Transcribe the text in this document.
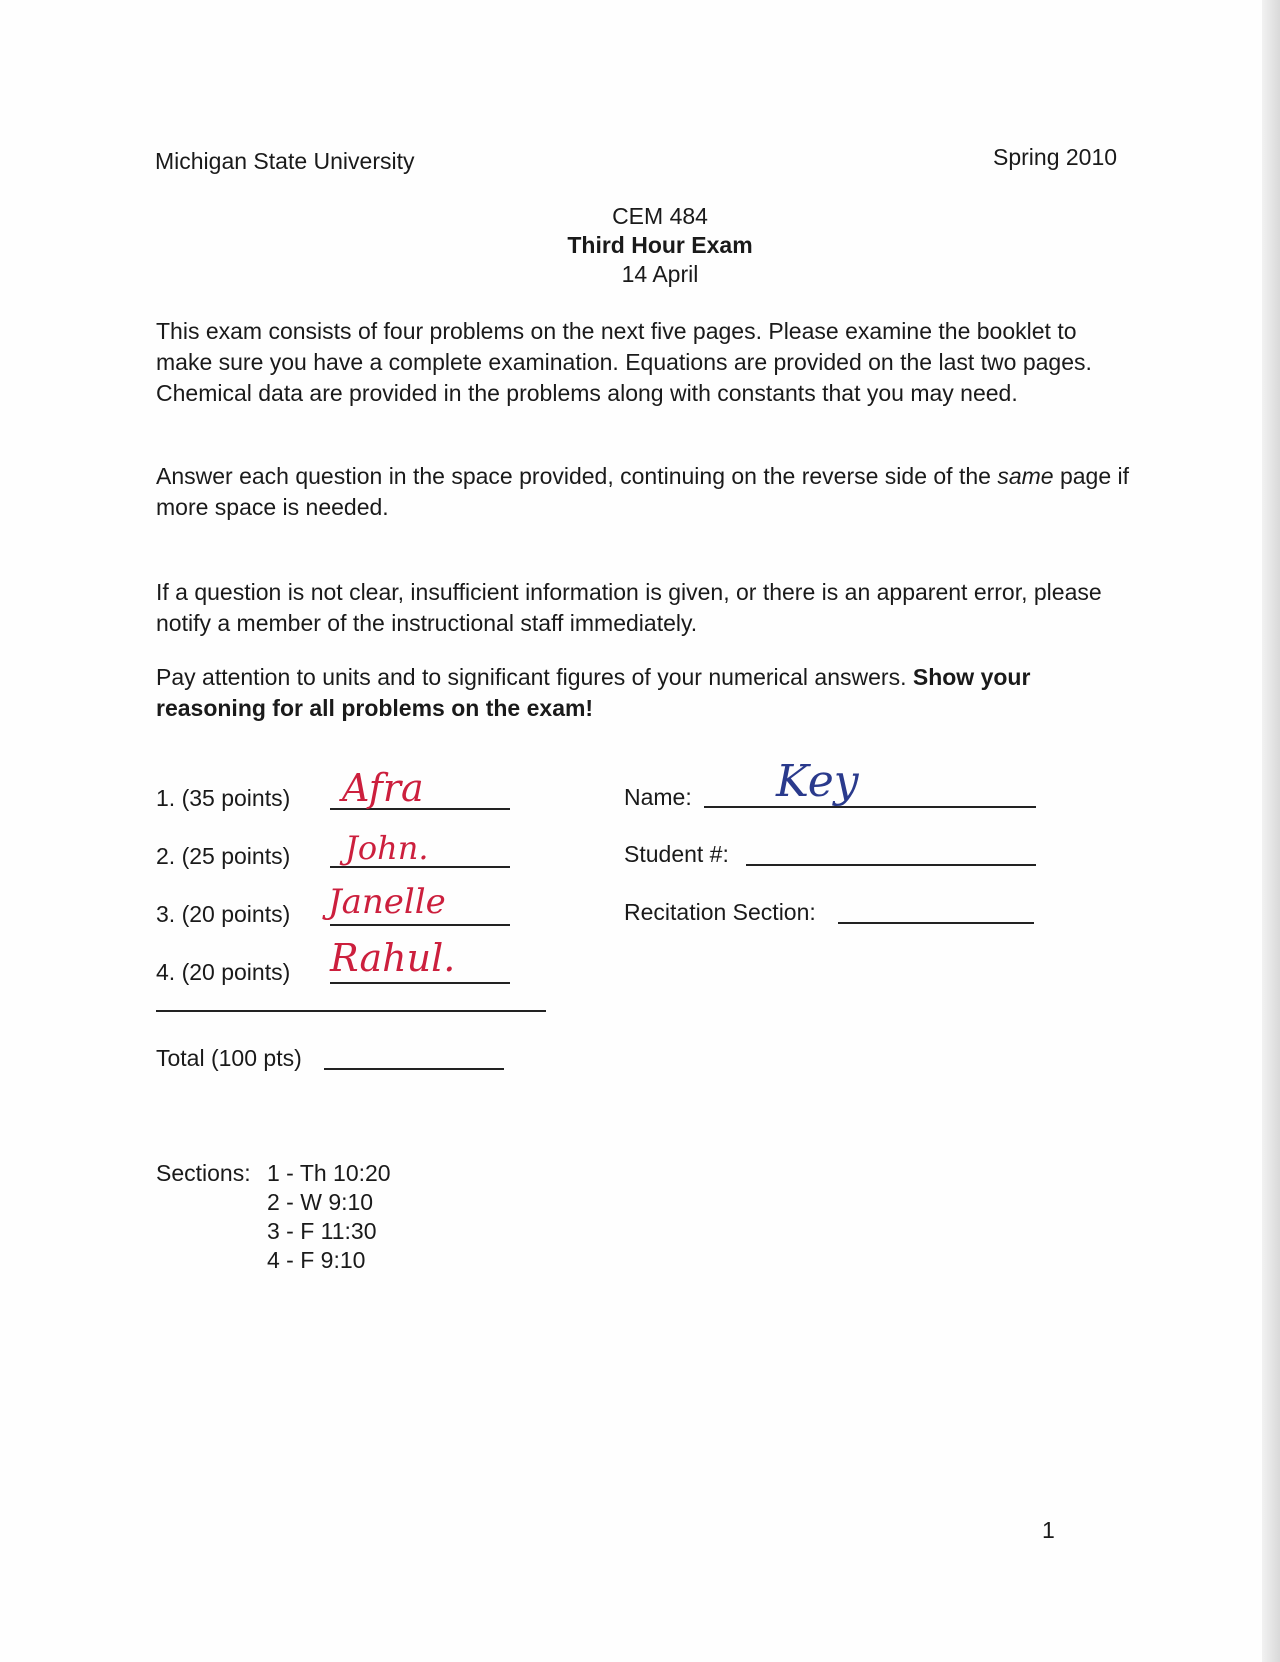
Michigan State University	Spring 2010
CEM 484
Third Hour Exam
14 April
This exam consists of four problems on the next five pages. Please examine the booklet to make sure you have a complete examination. Equations are provided on the last two pages. Chemical data are provided in the problems along with constants that you may need.
Answer each question in the space provided, continuing on the reverse side of the same page if more space is needed.
If a question is not clear, insufficient information is given, or there is an apparent error, please notify a member of the instructional staff immediately.
Pay attention to units and to significant figures of your numerical answers. Show your reasoning for all problems on the exam!
1. (35 points) Afra
2. (25 points) John.
3. (20 points) Janelle
4. (20 points) Rahul.
Total (100 pts)
Name: Key
Student #:
Recitation Section:
Sections: 1 - Th 10:20
2 - W 9:10
3 - F 11:30
4 - F 9:10
1
